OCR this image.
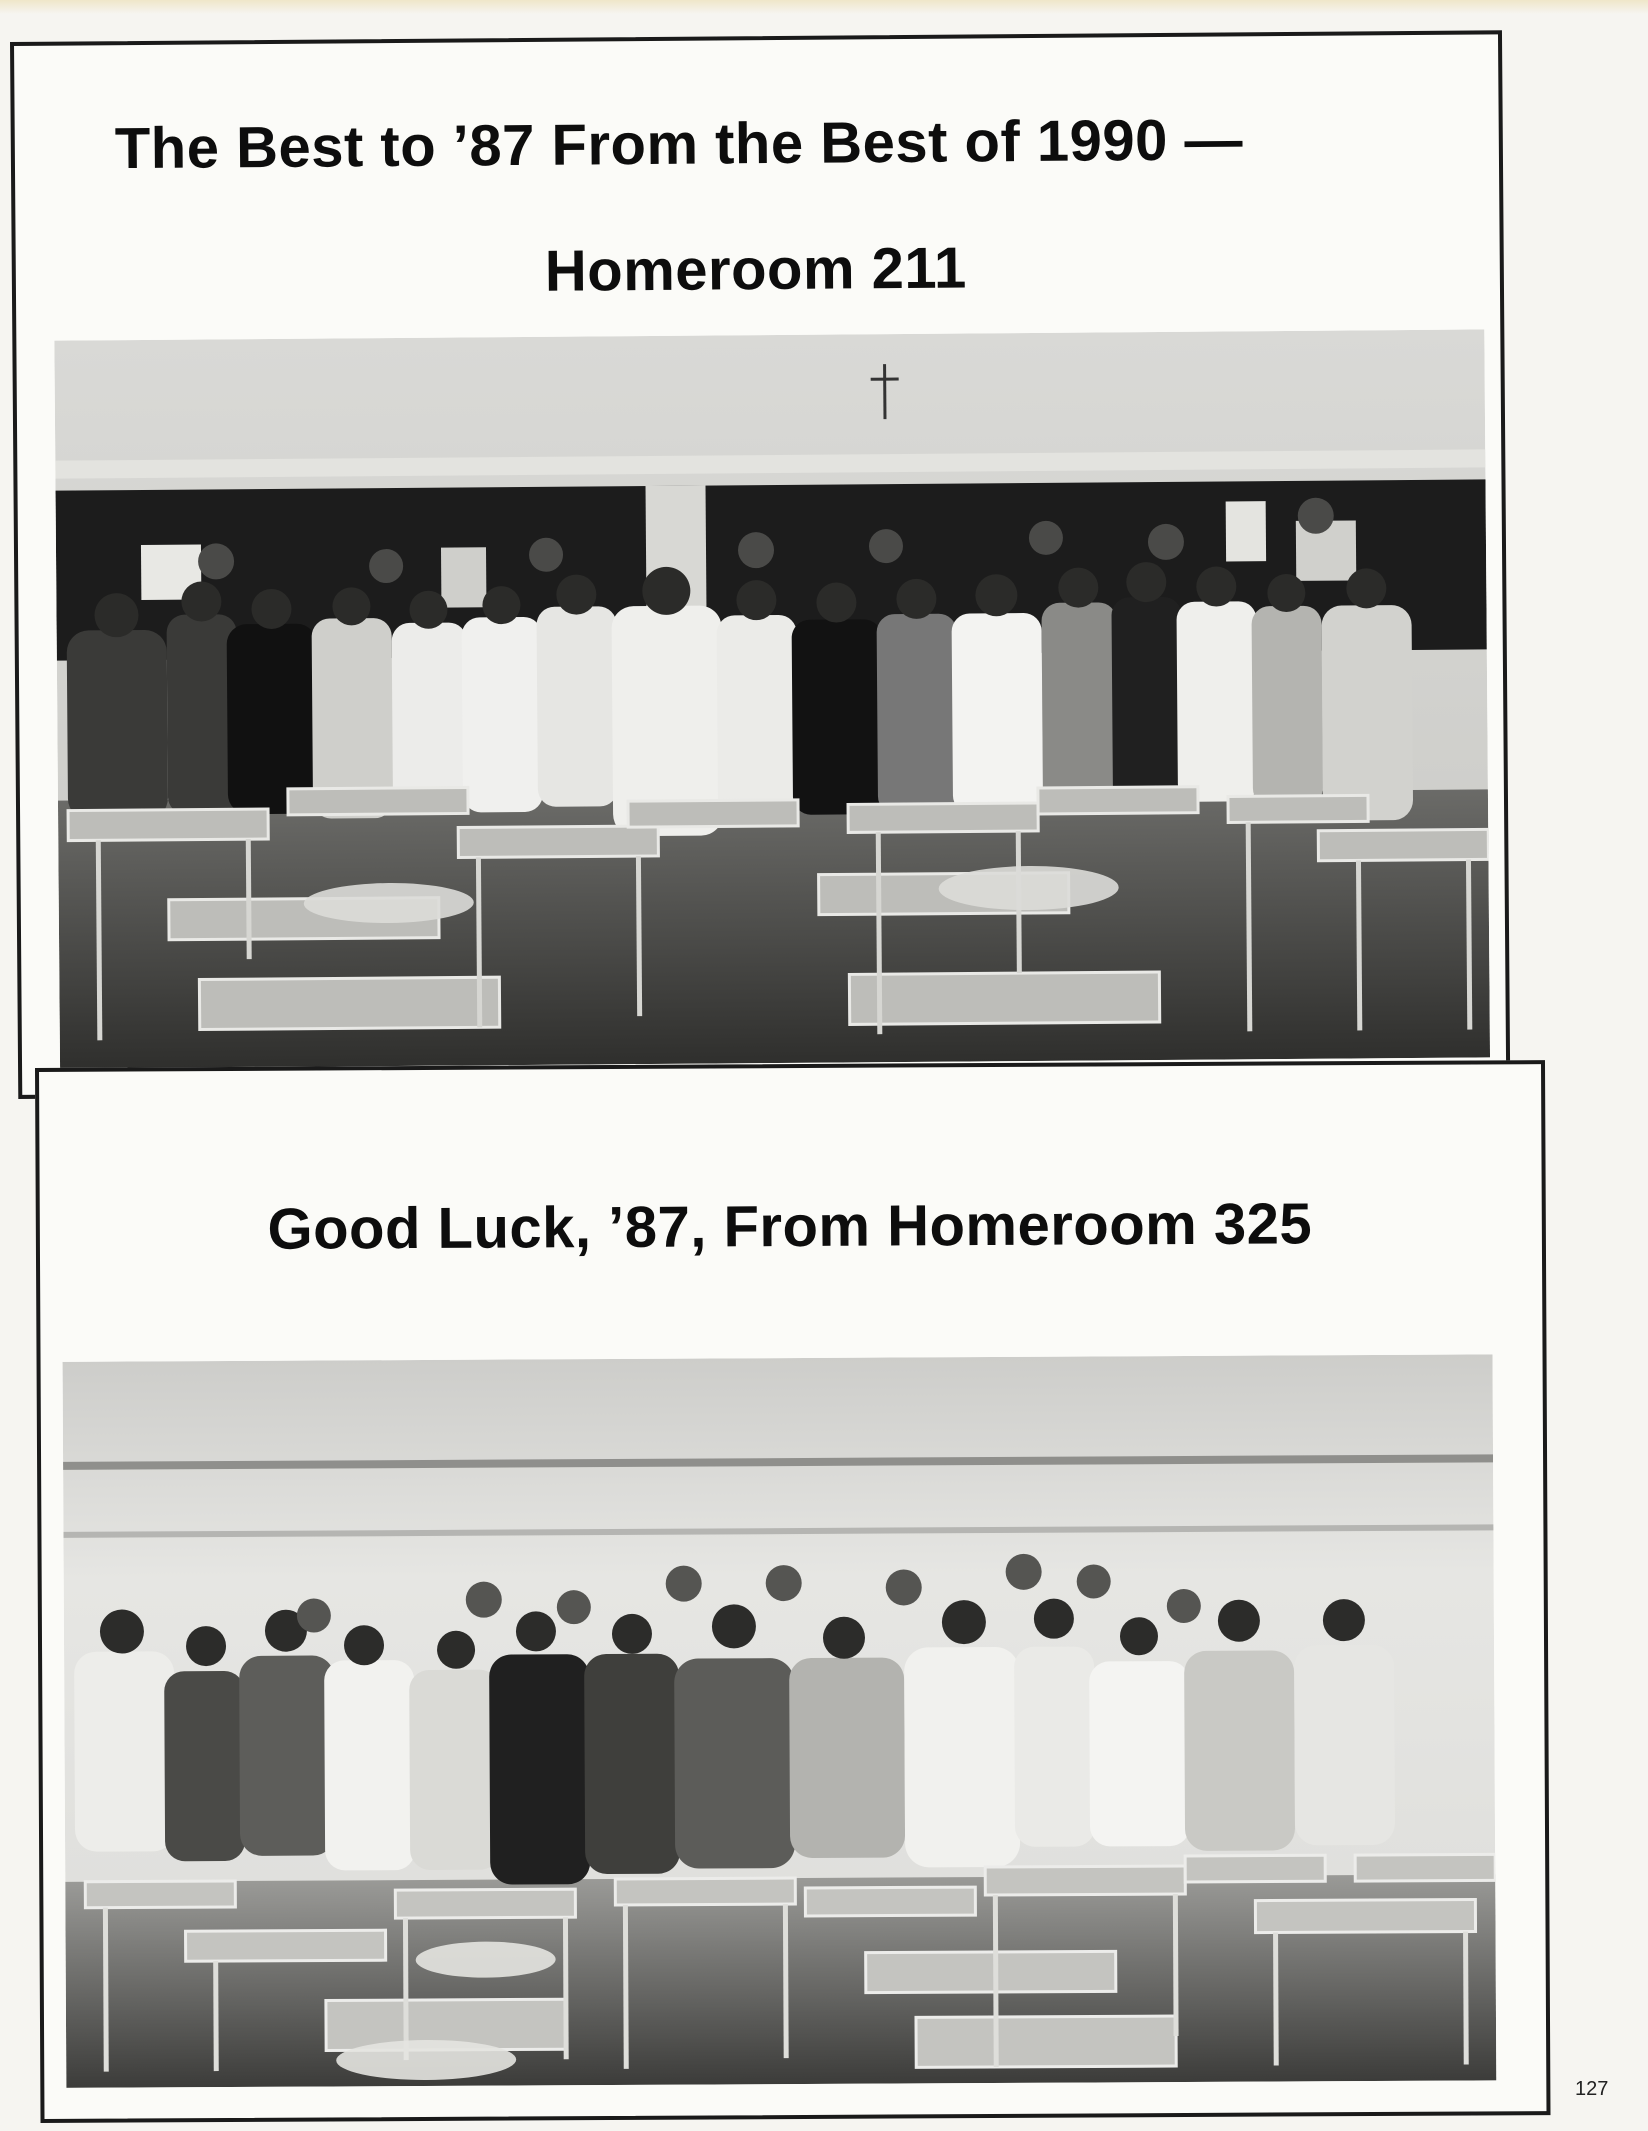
The Best to ’87 From the Best of 1990 —
Homeroom 211
Good Luck, ’87, From Homeroom 325
127
